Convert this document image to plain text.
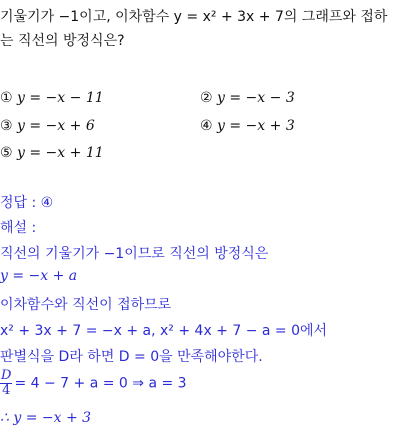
기울기가 −1이고, 이차함수 y = x² + 3x + 7의 그래프와 접하
는 직선의 방정식은?
① y = −x − 11	② y = −x − 3
③ y = −x + 6	④ y = −x + 3
⑤ y = −x + 11
정답 : ④
해설 :
직선의 기울기가 −1이므로 직선의 방정식은
y = −x + a
이차함수와 직선이 접하므로
x² + 3x + 7 = −x + a, x² + 4x + 7 − a = 0에서
판별식을 D라 하면 D = 0을 만족해야한다.
$\frac{D}{4} = 4 - 7 + a = 0$ ⇒ a = 3
∴ y = −x + 3
